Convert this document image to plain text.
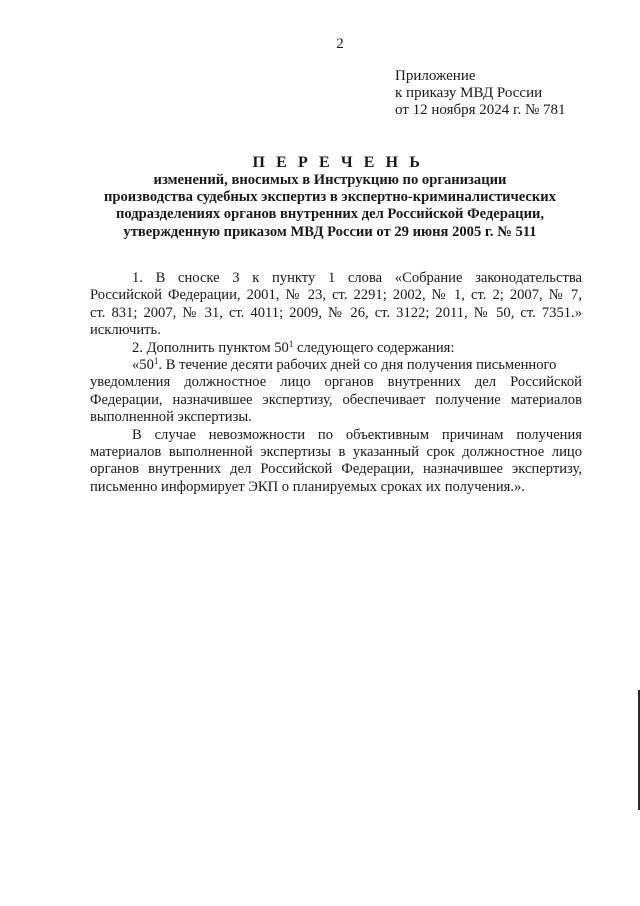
2
Приложение
к приказу МВД России
от 12 ноября 2024 г. № 781
П Е Р Е Ч Е Н Ь
изменений, вносимых в Инструкцию по организации
производства судебных экспертиз в экспертно-криминалистических
подразделениях органов внутренних дел Российской Федерации,
утвержденную приказом МВД России от 29 июня 2005 г. № 511
1. В сноске 3 к пункту 1 слова «Собрание законодательства
Российской Федерации, 2001, № 23, ст. 2291; 2002, № 1, ст. 2; 2007, № 7,
ст. 831; 2007, № 31, ст. 4011; 2009, № 26, ст. 3122; 2011, № 50, ст. 7351.»
исключить.
2. Дополнить пунктом $50^1$ следующего содержания:
«$50^1$. В течение десяти рабочих дней со дня получения письменного
уведомления должностное лицо органов внутренних дел Российской
Федерации, назначившее экспертизу, обеспечивает получение материалов
выполненной экспертизы.
В случае невозможности по объективным причинам получения
материалов выполненной экспертизы в указанный срок должностное лицо
органов внутренних дел Российской Федерации, назначившее экспертизу,
письменно информирует ЭКП о планируемых сроках их получения.».
